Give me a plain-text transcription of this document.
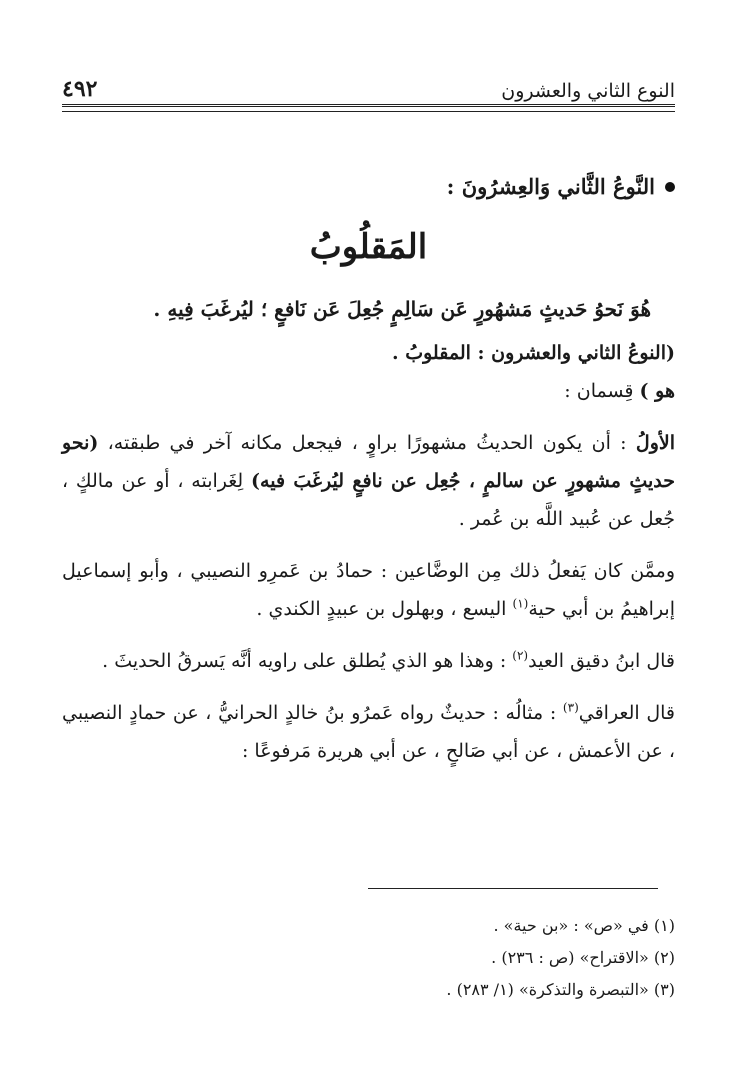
النوع الثاني والعشرون
٤٩٢

النَّوعُ الثَّاني وَالعِشرُونَ :

المَقلُوبُ

هُوَ نَحوُ حَديثٍ مَشهُورٍ عَن سَالِمٍ جُعِلَ عَن نَافعٍ ؛ ليُرغَبَ فِيهِ .

(النوعُ الثاني والعشرون : المقلوبُ .

هو ) قِسمان :

الأولُ : أن يكون الحديثُ مشهورًا براوٍ ، فيجعل مكانه آخر في طبقته، (نحو حديثٍ مشهورٍ عن سالمٍ ، جُعِل عن نافعٍ ليُرغَبَ فيه) لِغَرابته ، أو عن مالكٍ ، جُعل عن عُبيد اللَّه بن عُمر .

وممَّن كان يَفعلُ ذلك مِن الوضَّاعين : حمادُ بن عَمرِو النصيبي ، وأبو إسماعيل إبراهيمُ بن أبي حية$^{(١)}$ اليسع ، وبهلول بن عبيدٍ الكندي .

قال ابنُ دقيق العيد$^{(٢)}$ : وهذا هو الذي يُطلق على راويه أنَّه يَسرقُ الحديثَ .

قال العراقي$^{(٣)}$ : مثالُه : حديثٌ رواه عَمرُو بنُ خالدٍ الحرانيُّ ، عن حمادٍ النصيبي ، عن الأعمش ، عن أبي صَالحٍ ، عن أبي هريرة مَرفوعًا :

(١) في «ص» : «بن حية» .

(٢) «الاقتراح» (ص : ٢٣٦) .

(٣) «التبصرة والتذكرة» (١/ ٢٨٣) .
